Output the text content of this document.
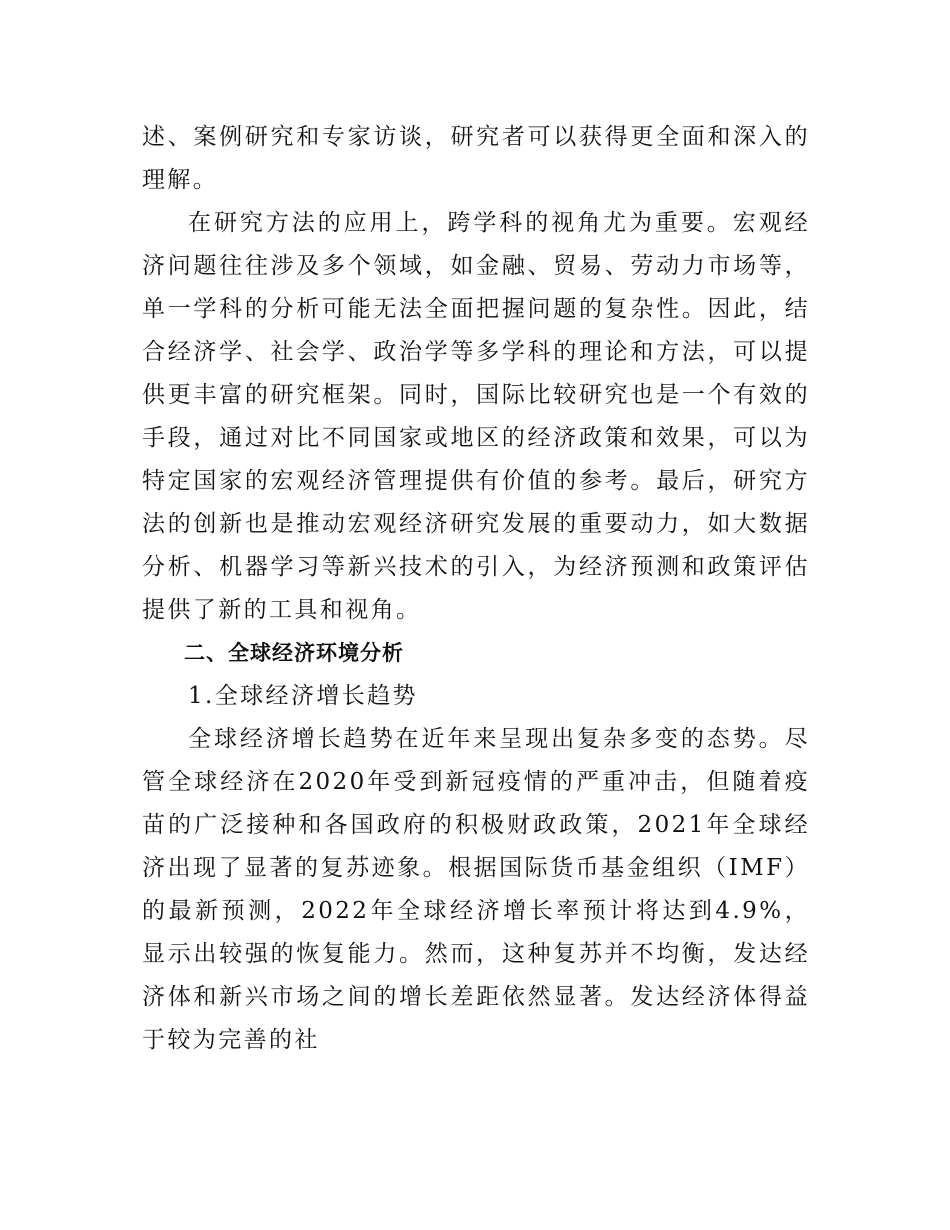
述、案例研究和专家访谈，研究者可以获得更全面和深入的理解。

在研究方法的应用上，跨学科的视角尤为重要。宏观经济问题往往涉及多个领域，如金融、贸易、劳动力市场等，单一学科的分析可能无法全面把握问题的复杂性。因此，结合经济学、社会学、政治学等多学科的理论和方法，可以提供更丰富的研究框架。同时，国际比较研究也是一个有效的手段，通过对比不同国家或地区的经济政策和效果，可以为特定国家的宏观经济管理提供有价值的参考。最后，研究方法的创新也是推动宏观经济研究发展的重要动力，如大数据分析、机器学习等新兴技术的引入，为经济预测和政策评估提供了新的工具和视角。

二、全球经济环境分析

1.全球经济增长趋势

全球经济增长趋势在近年来呈现出复杂多变的态势。尽管全球经济在2020年受到新冠疫情的严重冲击，但随着疫苗的广泛接种和各国政府的积极财政政策，2021年全球经济出现了显著的复苏迹象。根据国际货币基金组织（IMF）的最新预测，2022年全球经济增长率预计将达到4.9%，显示出较强的恢复能力。然而，这种复苏并不均衡，发达经济体和新兴市场之间的增长差距依然显著。发达经济体得益于较为完善的社
